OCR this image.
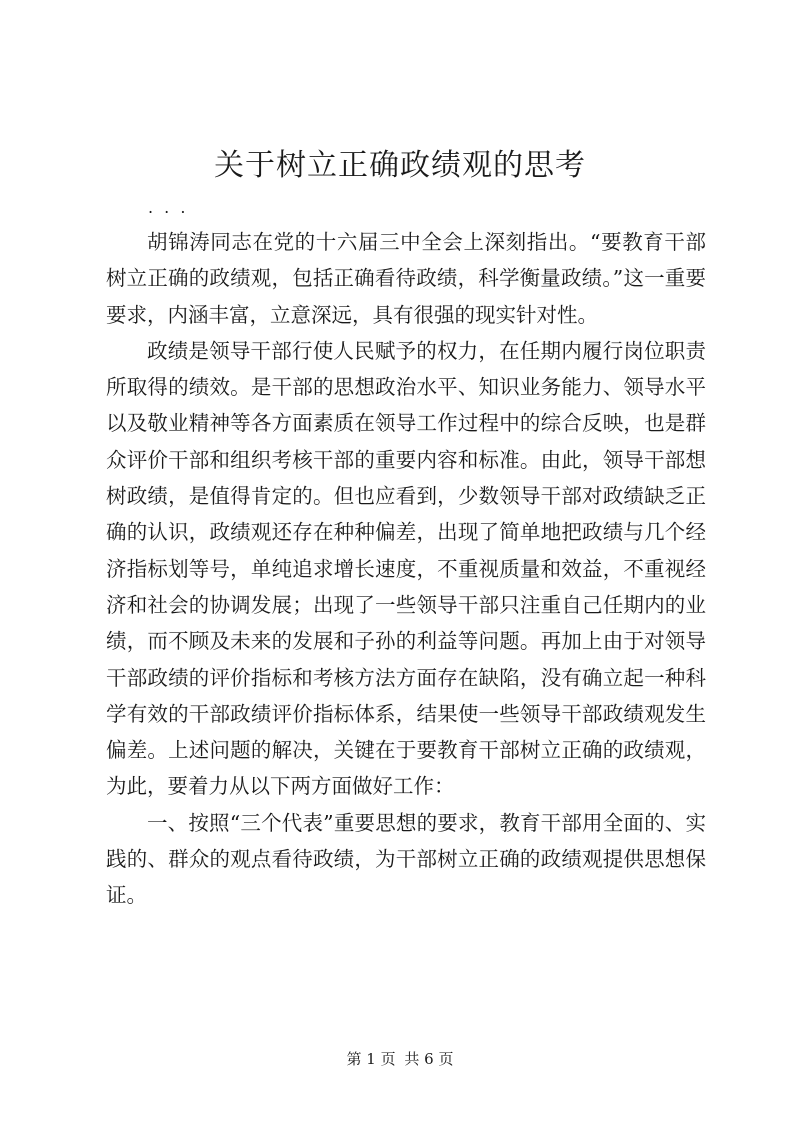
关于树立正确政绩观的思考
. . .

胡锦涛同志在党的十六届三中全会上深刻指出。“要教育干部树立正确的政绩观，包括正确看待政绩，科学衡量政绩。”这一重要要求，内涵丰富，立意深远，具有很强的现实针对性。

政绩是领导干部行使人民赋予的权力，在任期内履行岗位职责所取得的绩效。是干部的思想政治水平、知识业务能力、领导水平以及敬业精神等各方面素质在领导工作过程中的综合反映，也是群众评价干部和组织考核干部的重要内容和标准。由此，领导干部想树政绩，是值得肯定的。但也应看到，少数领导干部对政绩缺乏正确的认识，政绩观还存在种种偏差，出现了简单地把政绩与几个经济指标划等号，单纯追求增长速度，不重视质量和效益，不重视经济和社会的协调发展；出现了一些领导干部只注重自己任期内的业绩，而不顾及未来的发展和子孙的利益等问题。再加上由于对领导干部政绩的评价指标和考核方法方面存在缺陷，没有确立起一种科学有效的干部政绩评价指标体系，结果使一些领导干部政绩观发生偏差。上述问题的解决，关键在于要教育干部树立正确的政绩观，为此，要着力从以下两方面做好工作：

一、按照“三个代表”重要思想的要求，教育干部用全面的、实践的、群众的观点看待政绩，为干部树立正确的政绩观提供思想保证。

第 1 页 共 6 页
